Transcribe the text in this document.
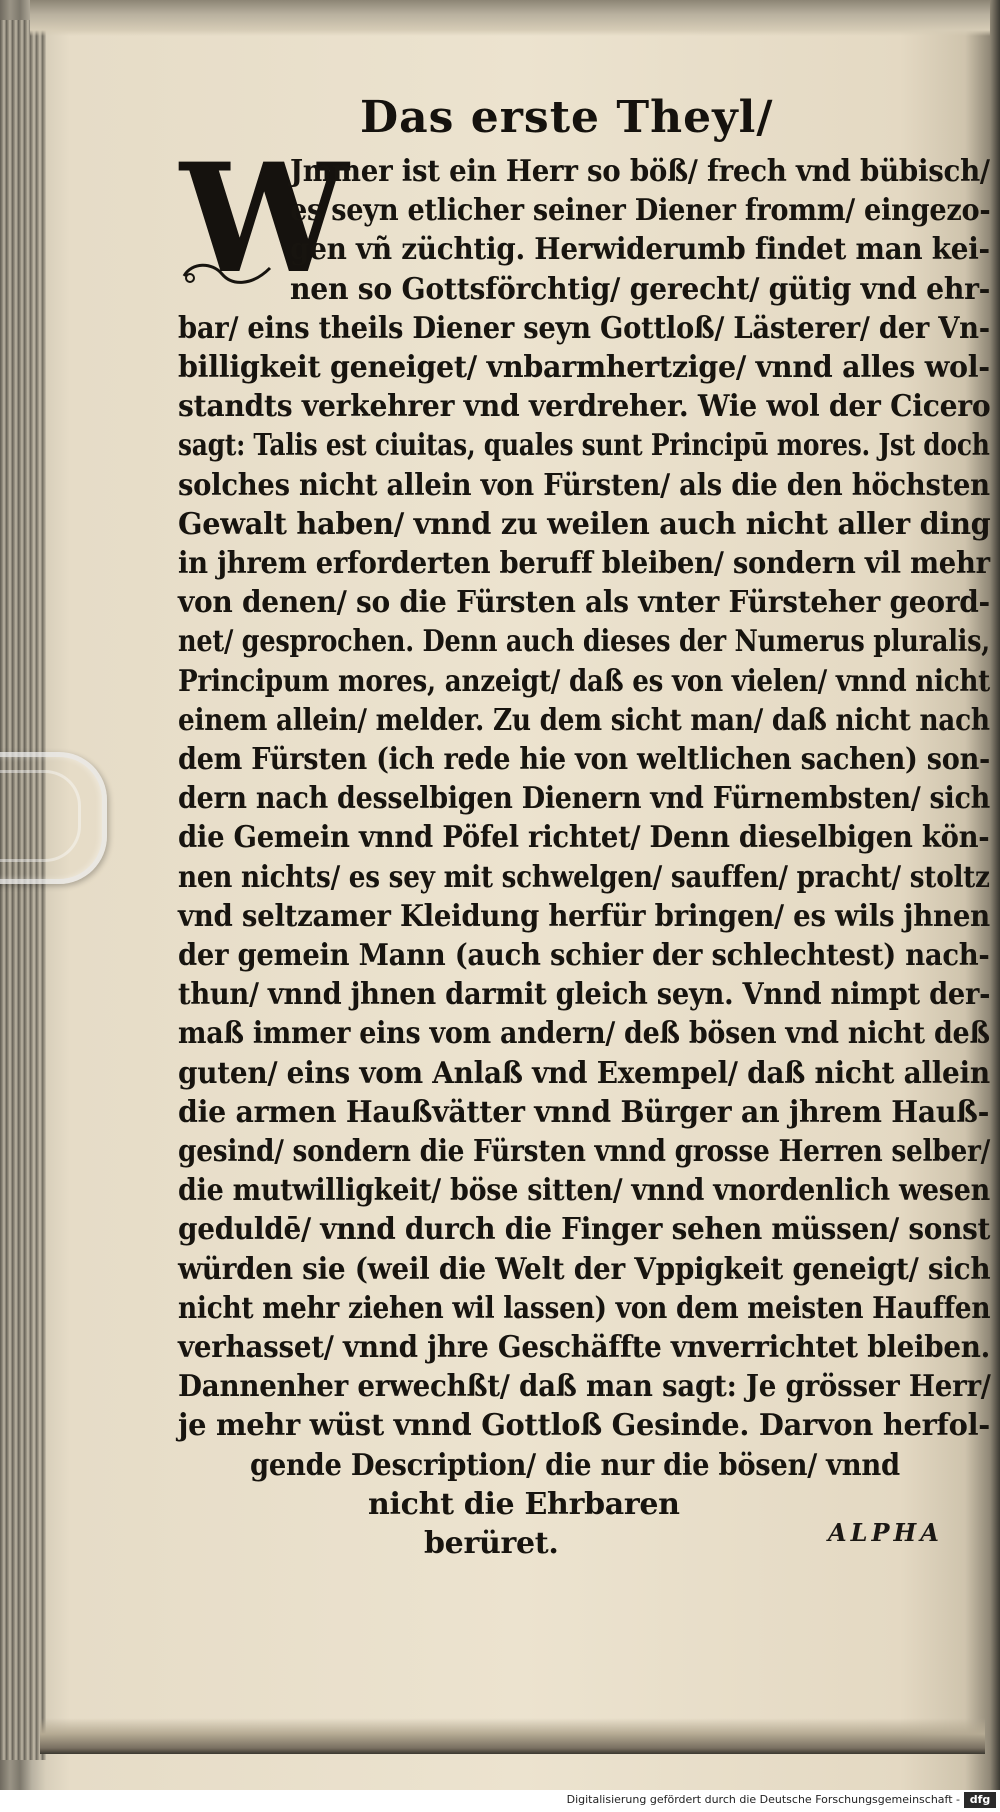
Das erste Theyl/
W
Jmmer ist ein Herr so böß/ frech vnd bübisch/
es seyn etlicher seiner Diener fromm/ eingezo-
gen vñ züchtig. Herwiderumb findet man kei-
nen so Gottsförchtig/ gerecht/ gütig vnd ehr-
bar/ eins theils Diener seyn Gottloß/ Lästerer/ der Vn-
billigkeit geneiget/ vnbarmhertzige/ vnnd alles wol-
standts verkehrer vnd verdreher. Wie wol der Cicero
sagt: Talis est ciuitas, quales sunt Principū mores. Jst doch
solches nicht allein von Fürsten/ als die den höchsten
Gewalt haben/ vnnd zu weilen auch nicht aller ding
in jhrem erforderten beruff bleiben/ sondern vil mehr
von denen/ so die Fürsten als vnter Fürsteher geord-
net/ gesprochen. Denn auch dieses der Numerus pluralis,
Principum mores, anzeigt/ daß es von vielen/ vnnd nicht
einem allein/ melder. Zu dem sicht man/ daß nicht nach
dem Fürsten (ich rede hie von weltlichen sachen) son-
dern nach desselbigen Dienern vnd Fürnembsten/ sich
die Gemein vnnd Pöfel richtet/ Denn dieselbigen kön-
nen nichts/ es sey mit schwelgen/ sauffen/ pracht/ stoltz
vnd seltzamer Kleidung herfür bringen/ es wils jhnen
der gemein Mann (auch schier der schlechtest) nach-
thun/ vnnd jhnen darmit gleich seyn. Vnnd nimpt der-
maß immer eins vom andern/ deß bösen vnd nicht deß
guten/ eins vom Anlaß vnd Exempel/ daß nicht allein
die armen Haußvätter vnnd Bürger an jhrem Hauß-
gesind/ sondern die Fürsten vnnd grosse Herren selber/
die mutwilligkeit/ böse sitten/ vnnd vnordenlich wesen
geduldē/ vnnd durch die Finger sehen müssen/ sonst
würden sie (weil die Welt der Vppigkeit geneigt/ sich
nicht mehr ziehen wil lassen) von dem meisten Hauffen
verhasset/ vnnd jhre Geschäffte vnverrichtet bleiben.
Dannenher erwechßt/ daß man sagt: Je grösser Herr/
je mehr wüst vnnd Gottloß Gesinde. Darvon herfol-
gende Description/ die nur die bösen/ vnnd
nicht die Ehrbaren
berüret.	ALPHA
Digitalisierung gefördert durch die Deutsche Forschungsgemeinschaft - dfg
